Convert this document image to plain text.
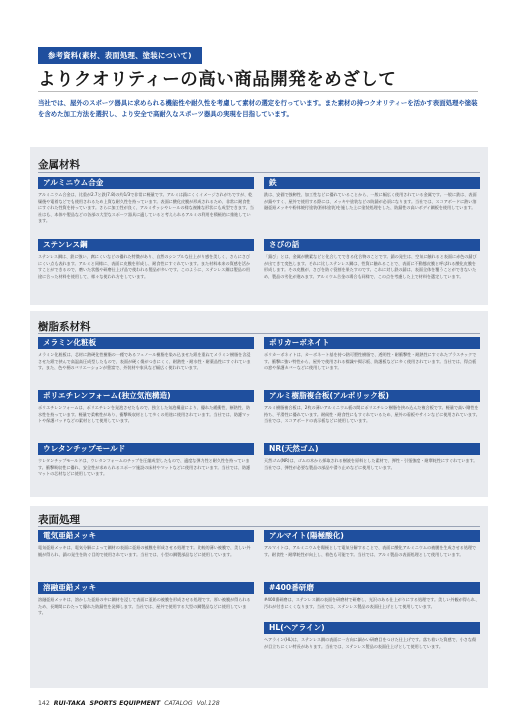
参考資料(素材、表面処理、塗装について)
よりクオリティーの高い商品開発をめざして
当社では、屋外のスポーツ器具に求められる機能性や耐久性を考慮して素材の選定を行っています。また素材の持つクオリティーを活かす表面処理や塗装を含めた加工方法を選択し、より安全で高耐久なスポーツ器具の実現を目指しています。
金属材料
アルミニウム合金
アルミニウム合金は、比重が2.7と鉄(7.8)の約1/3で非常に軽量です。アルミは錆にくくイメージされがちですが、乾燥後や電着などでも使用されるため上質な耐久性を持っています。表面に酸化皮膜が形成されるため、非常に耐食性にすぐれた性質を持っています。さらに加工性が良く、アルミサッシやレールの様な複雑な形状にも成型できます。当社はも、本体や製品などの各部の大型なスポーツ器具に適していると考えられるアルミの利用を積極的に推進しています。
鉄
鉄は、安価で強靭性、加工性などに優れていることから、一般に幅広く使用されている金属です。一般に鉄は、表面が錆やすく、屋外で使用する際には、メッキや塗装などの防錆が必須になります。当社では、スコアボードに熱い溶融亜鉛メッキや粉体焼付塗装(粉体塗装)を施した上に塗装処理をした、防錆性の高いボデイ鋼板を使用しています。
ステンレス鋼
ステンレス鋼は、鉄に強い、腐にくいなどの優れた特徴があり、自然のシンプルな仕上がり感を美しく、さらにさびにくい点も表れます。アルミと同様に、表面に皮膜を形成し、耐食性にすぐれています。また材料本来の質感を活かすことができるので、磨いた状態や研磨仕上げ品で使われる製品が多いです。このように、ステンレス鋼は製品の用途に合った材料を使用して、様々な使われ方をしています。
さびの話
「錆び」とは、金属が酸素などと化合してできる化合物のことです。錆の発生は、空気に触れると表面に赤色の錆びが出てきて変色します。それに比しステンレス鋼は、性質に触れることで、表面に不動態皮膜と呼ばれる酸化皮膜を形成します。その皮膜が、さびを防ぐ役割を果たすのです。これに対し鉄の錆は、表面全体を覆うことができないため、製品の劣化が進みます。アルミウム合金の場合も同様で、この点を考慮した上で材料を選定しています。
樹脂系材料
メラミン化粧板
メラミン化粧板は、芯材に熱硬化性樹脂の一種であるフェノール樹脂を染み込ませた紙を重ねてメラミン樹脂を含浸させた紙で挟んで高温高圧成型したもので、表面が硬く傷がつきにくく、耐熱性・耐水性・耐薬品性にすぐれています。また、色や柄のバリエーションが豊富で、外装材や家具など幅広く使われています。
ポリカーボネイト
ポリカーボネイトは、カーボネート基を持つ熱可塑性樹脂で、透明性・耐衝撃性・耐熱性にすぐれたプラスチックです。衝撃に強い特性から、屋外で使用される標識や掲示板、防護板などに多く使用されています。当社では、得点板の窓や保護カバーなどに使用しています。
ポリエチレンフォーム(独立気泡構造)
ポリエチレンフォームは、ポリエチレンを発泡させたもので、独立した気泡構造により、優れた緩衝性、断熱性、防水性を持っています。軽量で柔軟性があり、衝撃吸収材として多くの用途に使用されています。当社では、防護マットや保護パッドなどの素材として使用しています。
アルミ樹脂複合板(アルポリック板)
アルミ樹脂複合板は、2枚の薄いアルミニウム板の間にポリエチレン樹脂を挟み込んだ複合板です。軽量で高い剛性を持ち、平滑性に優れています。耐候性・耐食性にもすぐれているため、屋外の看板やサインなどに使用されています。当社では、スコアボードの表示板などに使用しています。
ウレタンチップモールド
ウレタンチップモールドは、ウレタンフォームのチップを圧縮成型したもので、適度な弾力性と耐久性を持っています。衝撃吸収性に優れ、安全性が求められるスポーツ施設の床材やマットなどに使用されています。当社では、防護マットの芯材などに使用しています。
NR(天然ゴム)
天然ゴム(NR)は、ゴムの木から採取される樹液を原料とした素材で、弾性・引張強度・耐摩耗性にすぐれています。当社では、弾性が必要な製品の部品や滑り止めなどに使用しています。
表面処理
電気亜鉛メッキ
電気亜鉛メッキは、電気分解によって鋼材の表面に亜鉛の被膜を形成させる処理です。比較的薄い被膜で、美しい外観が得られ、錆の発生を防ぐ目的で使用されています。当社では、小型の鋼製部品などに使用しています。
アルマイト(陽極酸化)
アルマイトは、アルミニウムを陽極として電気分解することで、表面に酸化アルミニウムの被膜を生成させる処理です。耐食性・耐摩耗性が向上し、着色も可能です。当社では、アルミ製品の表面処理として使用しています。
溶融亜鉛メッキ
溶融亜鉛メッキは、溶かした亜鉛の中に鋼材を浸して表面に亜鉛の被膜を形成させる処理です。厚い被膜が得られるため、長期間にわたって優れた防錆性を発揮します。当社では、屋外で使用する大型の鋼製品などに使用しています。
#400番研磨
#400番研磨は、ステンレス鋼の表面を研磨材で研磨し、光沢のある仕上がりにする処理です。美しい外観が得られ、汚れが付きにくくなります。当社では、ステンレス製品の表面仕上げとして使用しています。
HL(ヘアライン)
ヘアライン(HL)は、ステンレス鋼の表面に一方向に細かい研磨目をつけた仕上げです。落ち着いた質感で、小さな傷が目立ちにくい特長があります。当社では、ステンレス製品の表面仕上げとして使用しています。
142 RUI-TAKA SPORTS EQUIPMENT CATALOG Vol.128
